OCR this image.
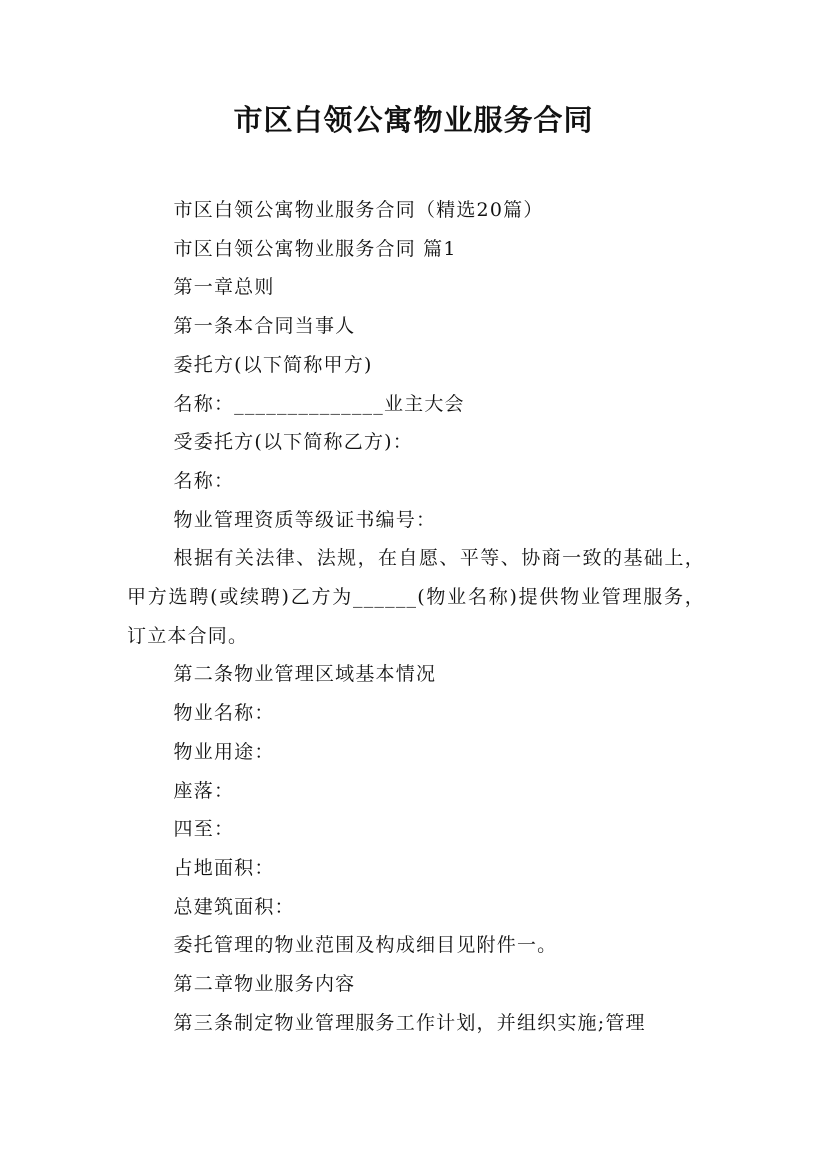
市区白领公寓物业服务合同

市区白领公寓物业服务合同（精选20篇）

市区白领公寓物业服务合同 篇1

第一章总则

第一条本合同当事人

委托方(以下简称甲方)

名称：______________业主大会

受委托方(以下简称乙方)：

名称：

物业管理资质等级证书编号：

根据有关法律、法规，在自愿、平等、协商一致的基础上，甲方选聘(或续聘)乙方为______(物业名称)提供物业管理服务，订立本合同。

第二条物业管理区域基本情况

物业名称：

物业用途：

座落：

四至：

占地面积：

总建筑面积：

委托管理的物业范围及构成细目见附件一。

第二章物业服务内容

第三条制定物业管理服务工作计划，并组织实施;管理
